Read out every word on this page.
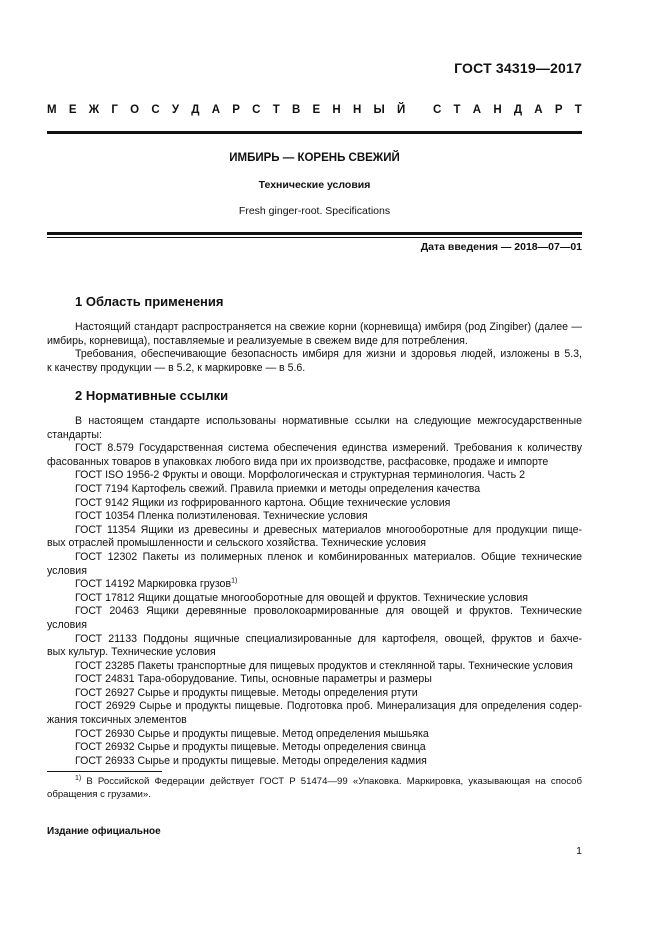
ГОСТ 34319—2017
М Е Ж Г О С У Д А Р С Т В Е Н Н Ы Й
С Т А Н Д А Р Т
ИМБИРЬ — КОРЕНЬ СВЕЖИЙ
Технические условия
Fresh ginger-root. Specifications
Дата введения — 2018—07—01
1 Область применения
Настоящий стандарт распространяется на свежие корни (корневища) имбиря (род Zingiber) (далее —
имбирь, корневища), поставляемые и реализуемые в свежем виде для потребления.
Требования, обеспечивающие безопасность имбиря для жизни и здоровья людей, изложены в 5.3,
к качеству продукции — в 5.2, к маркировке — в 5.6.
2 Нормативные ссылки
В настоящем стандарте использованы нормативные ссылки на следующие межгосударственные
стандарты:
ГОСТ 8.579 Государственная система обеспечения единства измерений. Требования к количеству
фасованных товаров в упаковках любого вида при их производстве, расфасовке, продаже и импорте
ГОСТ ISO 1956-2 Фрукты и овощи. Морфологическая и структурная терминология. Часть 2
ГОСТ 7194 Картофель свежий. Правила приемки и методы определения качества
ГОСТ 9142 Ящики из гофрированного картона. Общие технические условия
ГОСТ 10354 Пленка полиэтиленовая. Технические условия
ГОСТ 11354 Ящики из древесины и древесных материалов многооборотные для продукции пище-
вых отраслей промышленности и сельского хозяйства. Технические условия
ГОСТ 12302 Пакеты из полимерных пленок и комбинированных материалов. Общие технические
условия
ГОСТ 14192 Маркировка грузов$^{1)}$
ГОСТ 17812 Ящики дощатые многооборотные для овощей и фруктов. Технические условия
ГОСТ 20463 Ящики деревянные проволокоармированные для овощей и фруктов. Технические
условия
ГОСТ 21133 Поддоны ящичные специализированные для картофеля, овощей, фруктов и бахче-
вых культур. Технические условия
ГОСТ 23285 Пакеты транспортные для пищевых продуктов и стеклянной тары. Технические условия
ГОСТ 24831 Тара-оборудование. Типы, основные параметры и размеры
ГОСТ 26927 Сырье и продукты пищевые. Методы определения ртути
ГОСТ 26929 Сырье и продукты пищевые. Подготовка проб. Минерализация для определения содер-
жания токсичных элементов
ГОСТ 26930 Сырье и продукты пищевые. Метод определения мышьяка
ГОСТ 26932 Сырье и продукты пищевые. Методы определения свинца
ГОСТ 26933 Сырье и продукты пищевые. Методы определения кадмия
$^{1)}$ В Российской Федерации действует ГОСТ Р 51474—99 «Упаковка. Маркировка, указывающая на способ
обращения с грузами».
Издание официальное
1
